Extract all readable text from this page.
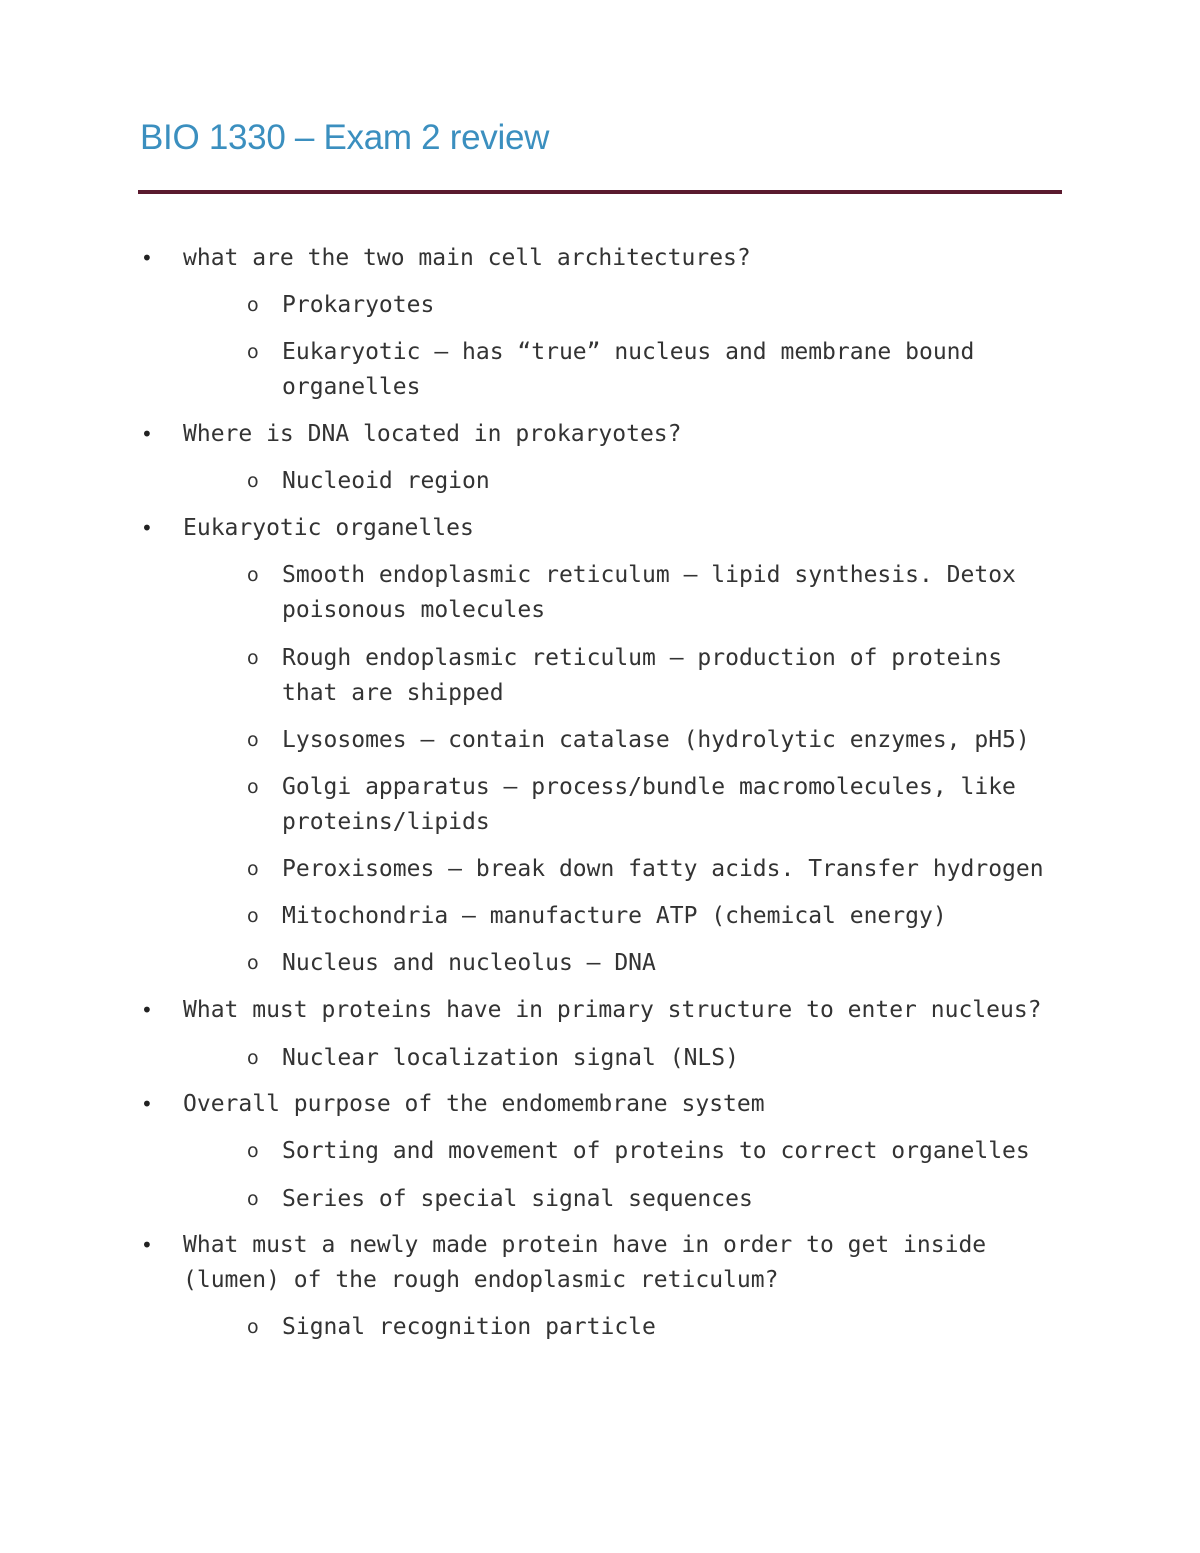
BIO 1330 – Exam 2 review
• what are the two main cell architectures?
o Prokaryotes
o Eukaryotic – has “true” nucleus and membrane bound
organelles
• Where is DNA located in prokaryotes?
o Nucleoid region
• Eukaryotic organelles
o Smooth endoplasmic reticulum – lipid synthesis. Detox
poisonous molecules
o Rough endoplasmic reticulum – production of proteins
that are shipped
o Lysosomes – contain catalase (hydrolytic enzymes, pH5)
o Golgi apparatus – process/bundle macromolecules, like
proteins/lipids
o Peroxisomes – break down fatty acids. Transfer hydrogen
o Mitochondria – manufacture ATP (chemical energy)
o Nucleus and nucleolus – DNA
• What must proteins have in primary structure to enter nucleus?
o Nuclear localization signal (NLS)
• Overall purpose of the endomembrane system
o Sorting and movement of proteins to correct organelles
o Series of special signal sequences
• What must a newly made protein have in order to get inside
(lumen) of the rough endoplasmic reticulum?
o Signal recognition particle
